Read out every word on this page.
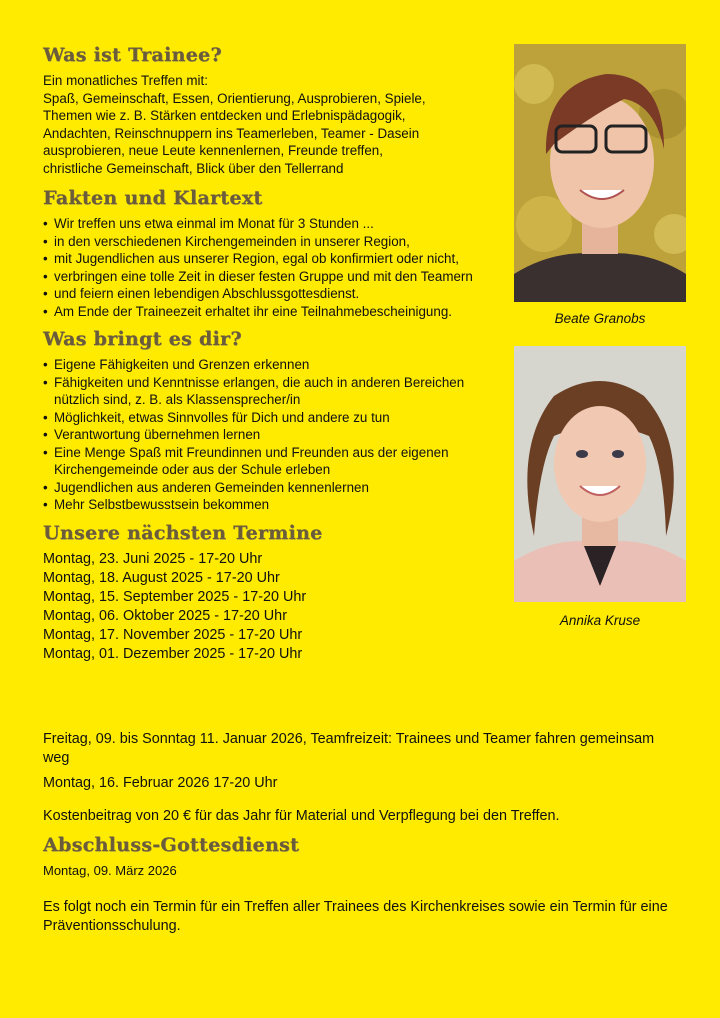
Was ist Trainee?
Ein monatliches Treffen mit:
Spaß, Gemeinschaft, Essen, Orientierung, Ausprobieren, Spiele,
Themen wie z. B. Stärken entdecken und Erlebnispädagogik,
Andachten, Reinschnuppern ins Teamerleben, Teamer - Dasein
ausprobieren, neue Leute kennenlernen, Freunde treffen,
christliche Gemeinschaft, Blick über den Tellerrand
Fakten und Klartext
• Wir treffen uns etwa einmal im Monat für 3 Stunden ...
• in den verschiedenen Kirchengemeinden in unserer Region,
• mit Jugendlichen aus unserer Region, egal ob konfirmiert oder nicht,
• verbringen eine tolle Zeit in dieser festen Gruppe und mit den Teamern
• und feiern einen lebendigen Abschlussgottesdienst.
• Am Ende der Traineezeit erhaltet ihr eine Teilnahmebescheinigung.
Was bringt es dir?
• Eigene Fähigkeiten und Grenzen erkennen
• Fähigkeiten und Kenntnisse erlangen, die auch in anderen Bereichen nützlich sind, z. B. als Klassensprecher/in
• Möglichkeit, etwas Sinnvolles für Dich und andere zu tun
• Verantwortung übernehmen lernen
• Eine Menge Spaß mit Freundinnen und Freunden aus der eigenen Kirchengemeinde oder aus der Schule erleben
• Jugendlichen aus anderen Gemeinden kennenlernen
• Mehr Selbstbewusstsein bekommen
Unsere nächsten Termine
Montag, 23. Juni 2025 - 17-20 Uhr
Montag, 18. August 2025 - 17-20 Uhr
Montag, 15. September 2025 - 17-20 Uhr
Montag, 06. Oktober 2025 - 17-20 Uhr
Montag, 17. November 2025 - 17-20 Uhr
Montag, 01. Dezember 2025 - 17-20 Uhr
Freitag, 09. bis Sonntag 11. Januar 2026, Teamfreizeit: Trainees und Teamer fahren gemeinsam weg
Montag, 16. Februar 2026 17-20 Uhr
Kostenbeitrag von 20 € für das Jahr für Material und Verpflegung bei den Treffen.
Abschluss-Gottesdienst
Montag, 09. März 2026
Es folgt noch ein Termin für ein Treffen aller Trainees des Kirchenkreises sowie ein Termin für eine Präventionsschulung.
Beate Granobs
Annika Kruse
